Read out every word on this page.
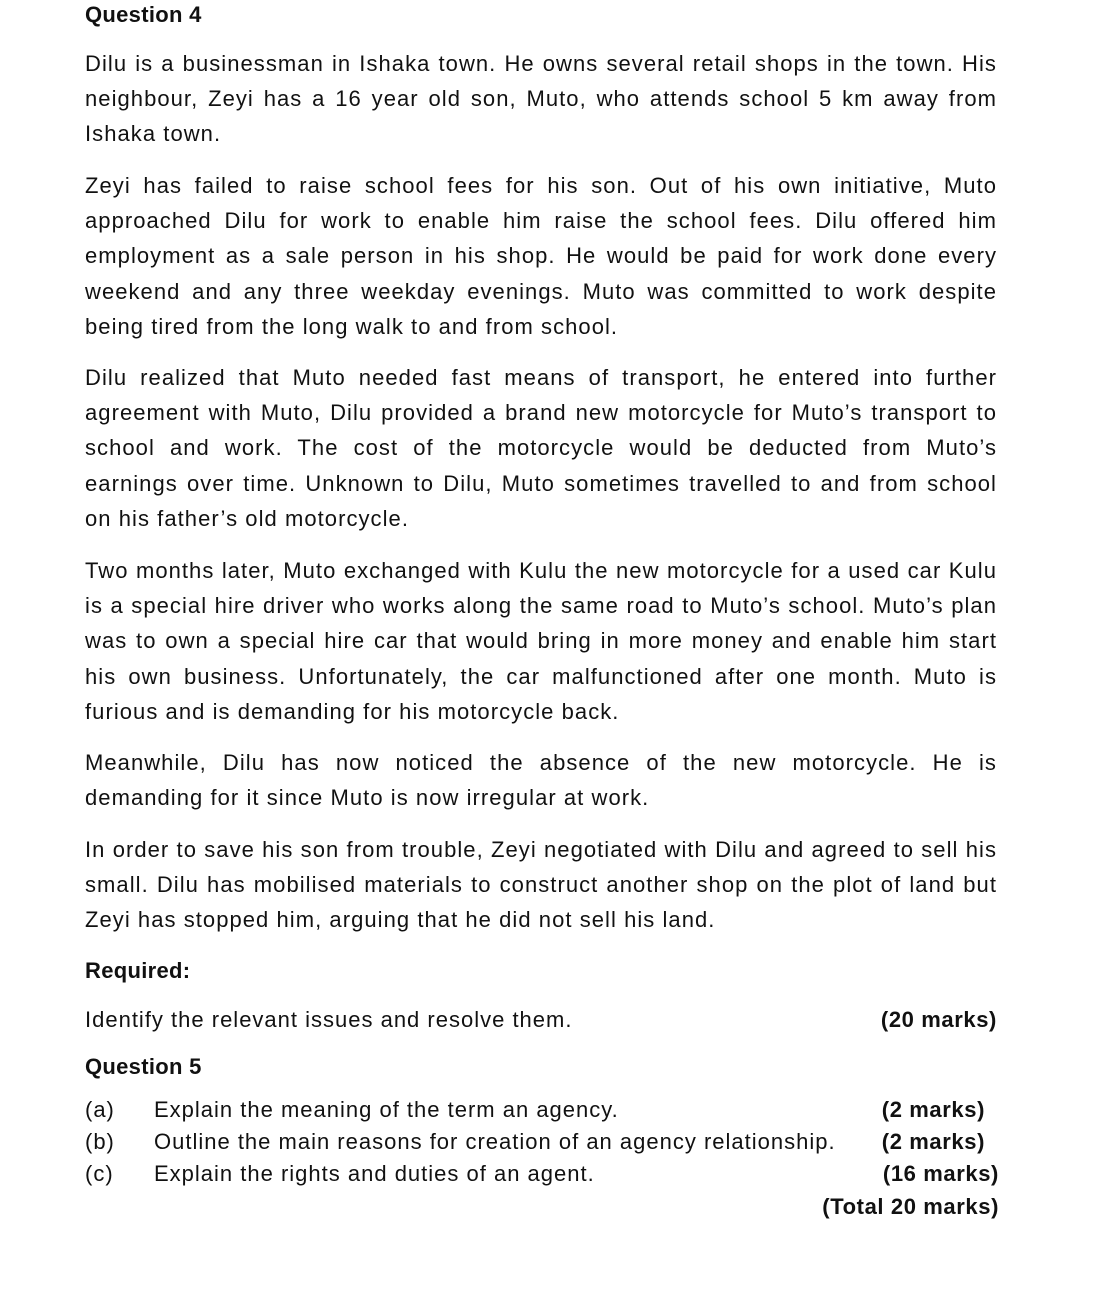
Question 4

Dilu is a businessman in Ishaka town. He owns several retail shops in the town. His neighbour, Zeyi has a 16 year old son, Muto, who attends school 5 km away from Ishaka town.

Zeyi has failed to raise school fees for his son. Out of his own initiative, Muto approached Dilu for work to enable him raise the school fees. Dilu offered him employment as a sale person in his shop. He would be paid for work done every weekend and any three weekday evenings. Muto was committed to work despite being tired from the long walk to and from school.

Dilu realized that Muto needed fast means of transport, he entered into further agreement with Muto, Dilu provided a brand new motorcycle for Muto’s transport to school and work. The cost of the motorcycle would be deducted from Muto’s earnings over time. Unknown to Dilu, Muto sometimes travelled to and from school on his father’s old motorcycle.

Two months later, Muto exchanged with Kulu the new motorcycle for a used car Kulu is a special hire driver who works along the same road to Muto’s school. Muto’s plan was to own a special hire car that would bring in more money and enable him start his own business. Unfortunately, the car malfunctioned after one month. Muto is furious and is demanding for his motorcycle back.

Meanwhile, Dilu has now noticed the absence of the new motorcycle. He is demanding for it since Muto is now irregular at work.

In order to save his son from trouble, Zeyi negotiated with Dilu and agreed to sell his small. Dilu has mobilised materials to construct another shop on the plot of land but Zeyi has stopped him, arguing that he did not sell his land.

Required:
Identify the relevant issues and resolve them.	(20 marks)
Question 5
(a) Explain the meaning of the term an agency.	(2 marks)
(b) Outline the main reasons for creation of an agency relationship. (2 marks)
(c) Explain the rights and duties of an agent.	(16 marks)
(Total 20 marks)
